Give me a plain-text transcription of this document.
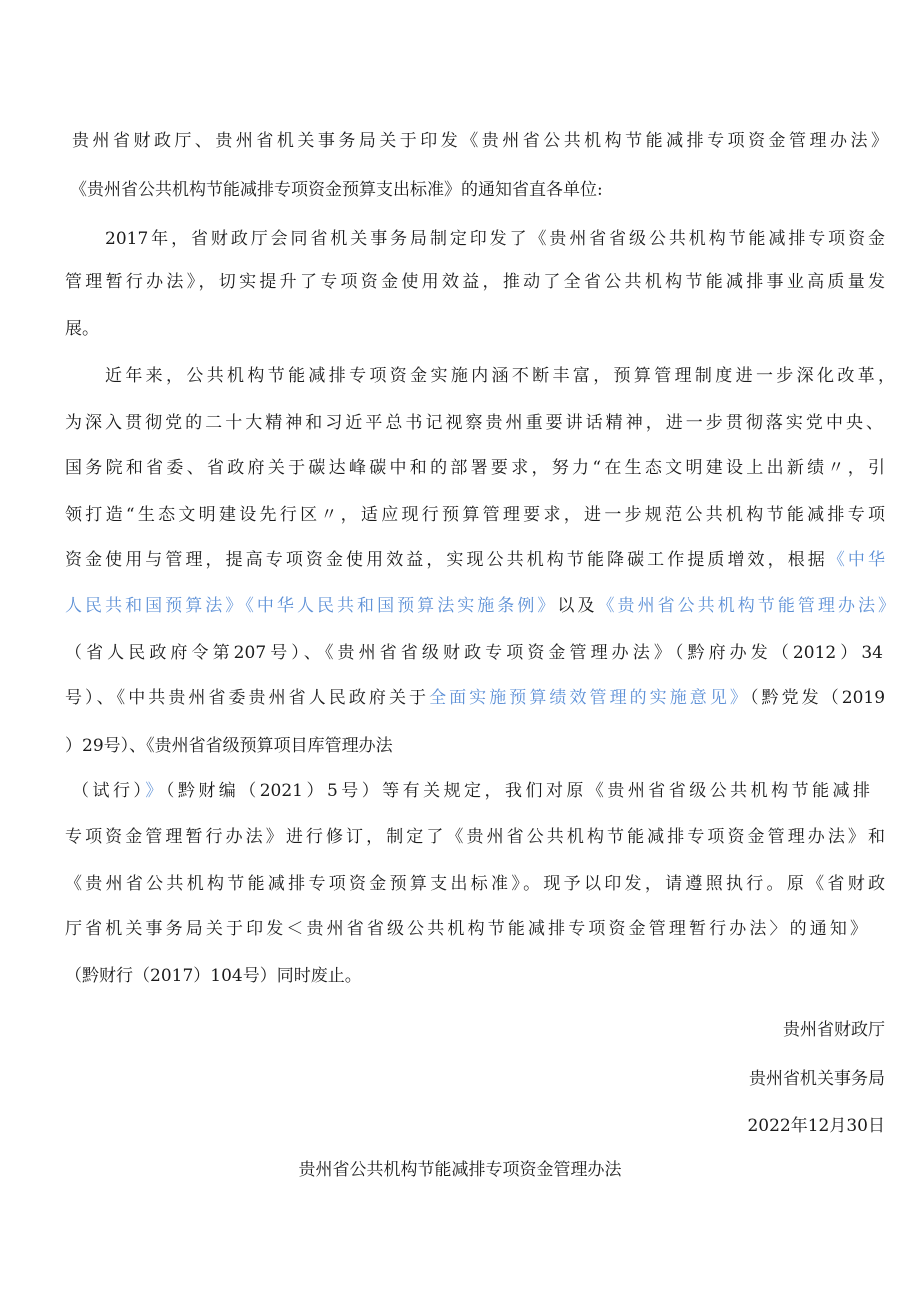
贵州省财政厅、贵州省机关事务局关于印发《贵州省公共机构节能减排专项资金管理办法》
《贵州省公共机构节能减排专项资金预算支出标准》的通知省直各单位:
2017年，省财政厅会同省机关事务局制定印发了《贵州省省级公共机构节能减排专项资金
管理暂行办法》，切实提升了专项资金使用效益，推动了全省公共机构节能减排事业高质量发
展。
近年来，公共机构节能减排专项资金实施内涵不断丰富，预算管理制度进一步深化改革，
为深入贯彻党的二十大精神和习近平总书记视察贵州重要讲话精神，进一步贯彻落实党中央、
国务院和省委、省政府关于碳达峰碳中和的部署要求，努力“在生态文明建设上出新绩〃，引
领打造“生态文明建设先行区〃，适应现行预算管理要求，进一步规范公共机构节能减排专项
资金使用与管理，提高专项资金使用效益，实现公共机构节能降碳工作提质增效，根据《中华
人民共和国预算法》《中华人民共和国预算法实施条例》以及《贵州省公共机构节能管理办法》
（省人民政府令第207号）、《贵州省省级财政专项资金管理办法》（黔府办发（2012）34
号）、《中共贵州省委贵州省人民政府关于全面实施预算绩效管理的实施意见》（黔党发（2019
）29号）、《贵州省省级预算项目库管理办法
（试行）》（黔财编（2021）5号）等有关规定，我们对原《贵州省省级公共机构节能减排
专项资金管理暂行办法》进行修订，制定了《贵州省公共机构节能减排专项资金管理办法》和
《贵州省公共机构节能减排专项资金预算支出标准》。现予以印发，请遵照执行。原《省财政
厅省机关事务局关于印发＜贵州省省级公共机构节能减排专项资金管理暂行办法〉的通知》
（黔财行（2017）104号）同时废止。
贵州省财政厅
贵州省机关事务局
2022年12月30日
贵州省公共机构节能减排专项资金管理办法
